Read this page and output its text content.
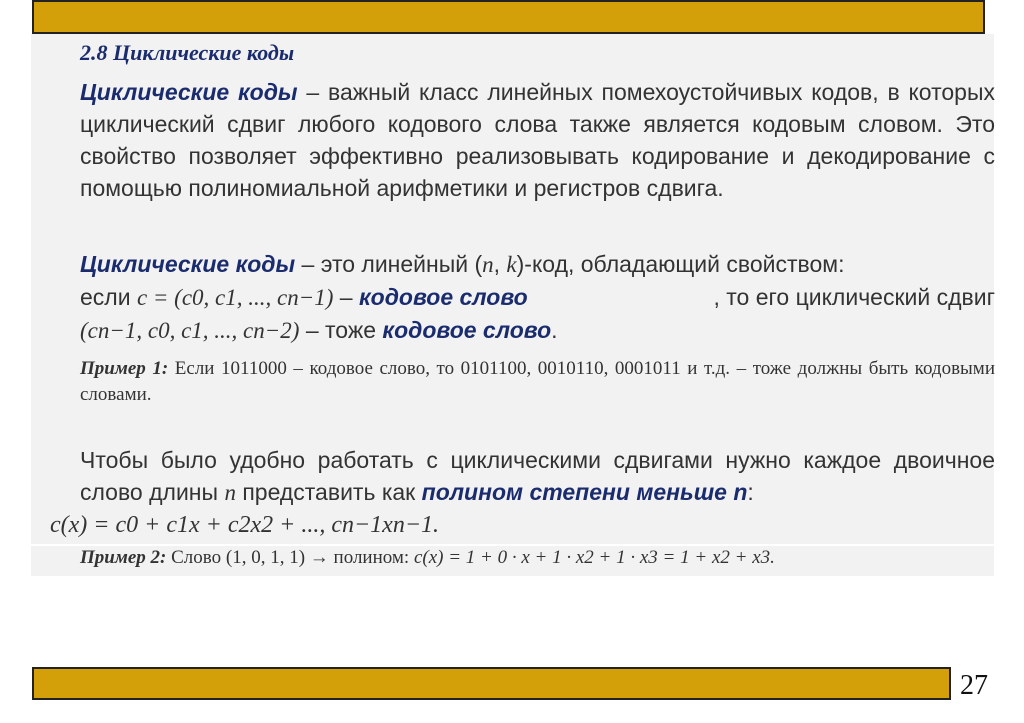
2.8 Циклические коды
Циклические коды – важный класс линейных помехоустойчивых кодов, в которых циклический сдвиг любого кодового слова также является кодовым словом. Это свойство позволяет эффективно реализовывать кодирование и декодирование с помощью полиномиальной арифметики и регистров сдвига.
Циклические коды – это линейный (n, k)-код, обладающий свойством:
если c = (c0, c1, ..., cn−1) – кодовое слово	, то его циклический сдвиг
(cn−1, c0, c1, ..., cn−2) – тоже кодовое слово.
Пример 1: Если 1011000 – кодовое слово, то 0101100, 0010110, 0001011 и т.д. – тоже должны быть кодовыми словами.
Чтобы было удобно работать с циклическими сдвигами нужно каждое двоичное слово длины n представить как полином степени меньше n:
c(x) = c0 + c1x + c2x2 + ..., cn−1xn−1.
Пример 2: Слово (1, 0, 1, 1) → полином: c(x) = 1 + 0 · x + 1 · x2 + 1 · x3 = 1 + x2 + x3.
27
